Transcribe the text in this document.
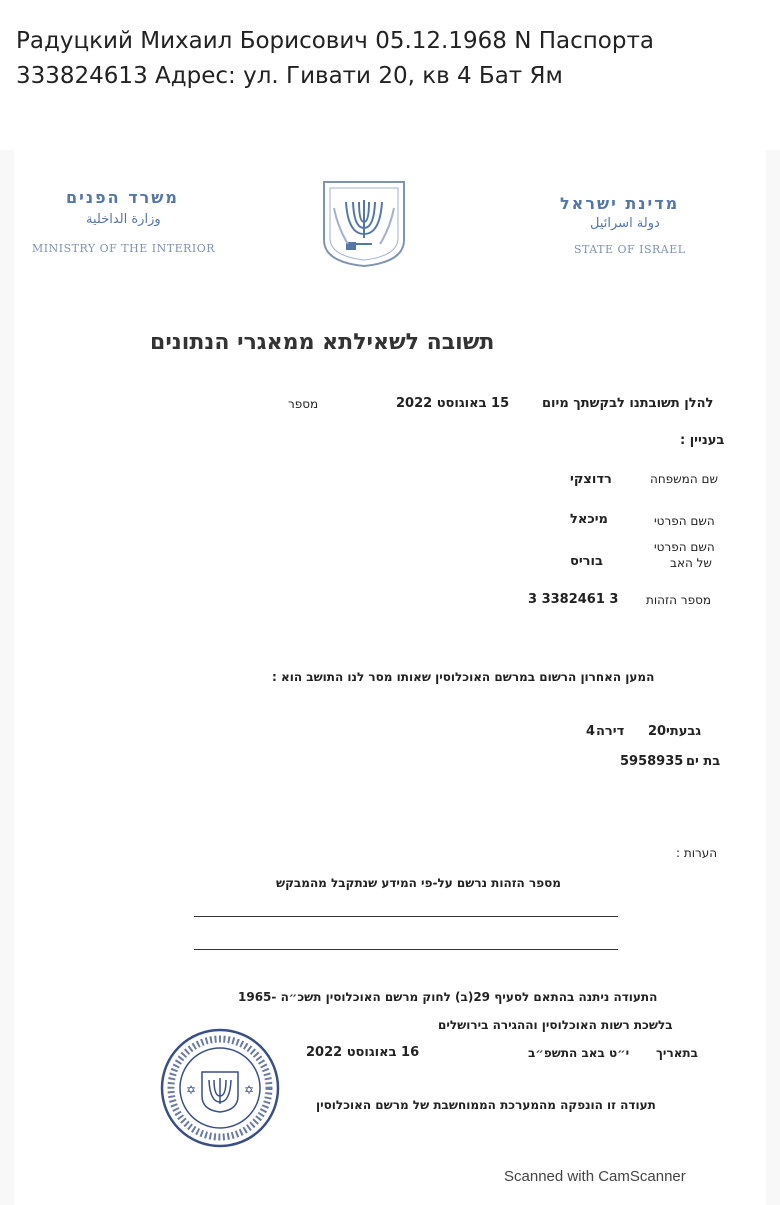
Радуцкий Михаил Борисович 05.12.1968 N Паспорта
333824613 Адрес: ул. Гивати 20, кв 4 Бат Ям
משרד הפנים
وزارة الداخلية
MINISTRY OF THE INTERIOR
מדינת ישראל
دولة اسرائيل
STATE OF ISRAEL
תשובה לשאילתא ממאגרי הנתונים
להלן תשובתנו לבקשתך מיום
15 באוגוסט 2022
מספר
בעניין :
שם המשפחה
רדוצקי
השם הפרטי
מיכאל
השם הפרטי
של האב
בוריס
מספר הזהות
3 3382461 3
המען האחרון הרשום במרשם האוכלוסין שאותו מסר לנו התושב הוא :
גבעתי
20
דירה
4
בת ים
5958935
הערות :
מספר הזהות נרשם על-פי המידע שנתקבל מהמבקש
התעודה ניתנה בהתאם לסעיף 29(ב) לחוק מרשם האוכלוסין תשכ״ה -1965
בלשכת רשות האוכלוסין וההגירה בירושלים
בתאריך
י״ט באב התשפ״ב
16 באוגוסט 2022
תעודה זו הונפקה מהמערכת הממוחשבת של מרשם האוכלוסין
✡	✡
Scanned with CamScanner
